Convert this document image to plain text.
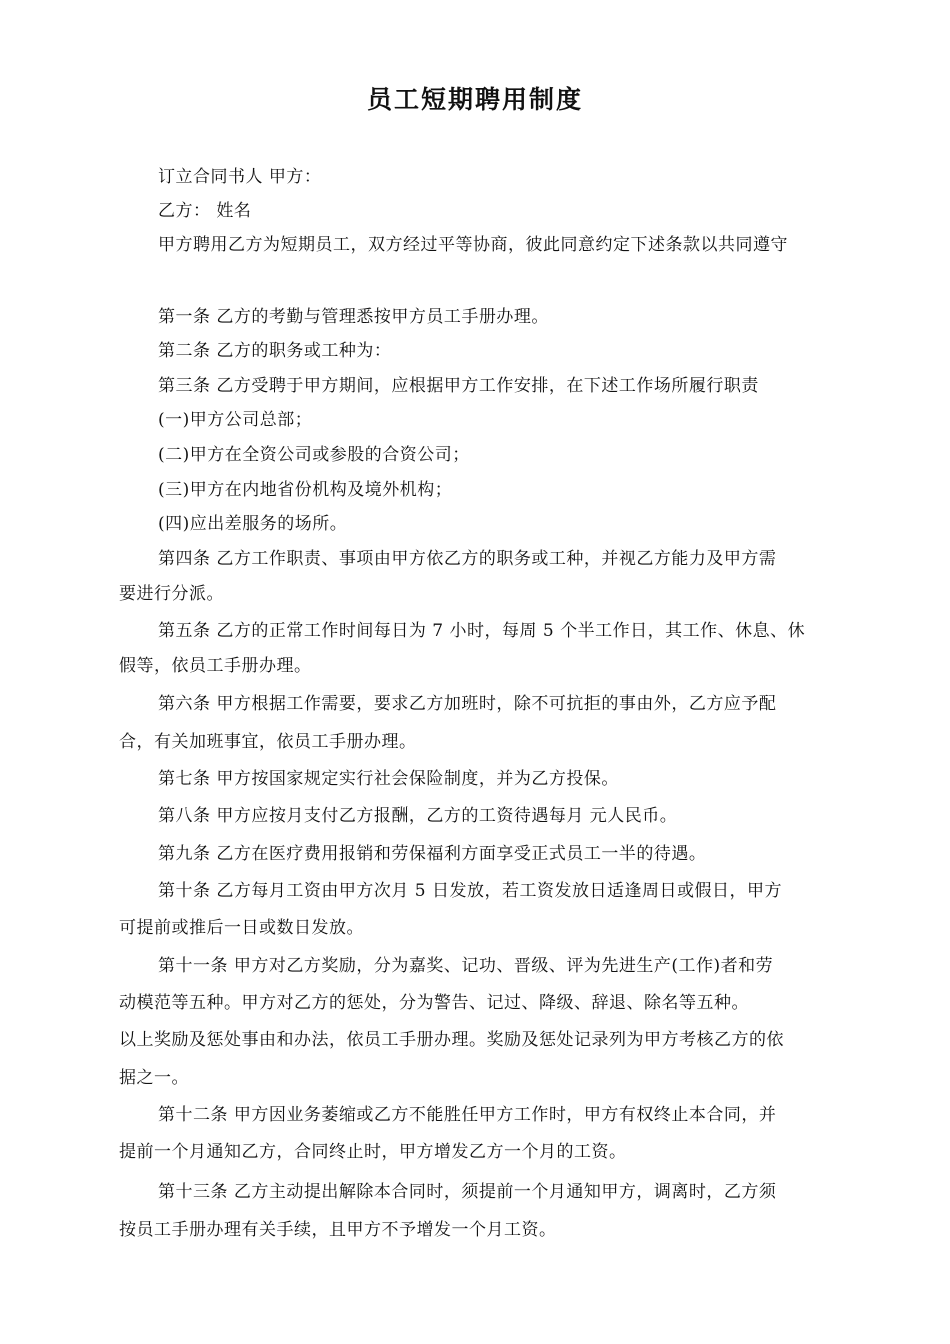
员工短期聘用制度
订立合同书人 甲方：
乙方： 姓名
甲方聘用乙方为短期员工，双方经过平等协商，彼此同意约定下述条款以共同遵守
第一条 乙方的考勤与管理悉按甲方员工手册办理。
第二条 乙方的职务或工种为：
第三条 乙方受聘于甲方期间，应根据甲方工作安排，在下述工作场所履行职责
(一)甲方公司总部；
(二)甲方在全资公司或参股的合资公司；
(三)甲方在内地省份机构及境外机构；
(四)应出差服务的场所。
第四条 乙方工作职责、事项由甲方依乙方的职务或工种，并视乙方能力及甲方需
要进行分派。
第五条 乙方的正常工作时间每日为 7 小时，每周 5 个半工作日，其工作、休息、休
假等，依员工手册办理。
第六条 甲方根据工作需要，要求乙方加班时，除不可抗拒的事由外，乙方应予配
合，有关加班事宜，依员工手册办理。
第七条 甲方按国家规定实行社会保险制度，并为乙方投保。
第八条 甲方应按月支付乙方报酬，乙方的工资待遇每月 元人民币。
第九条 乙方在医疗费用报销和劳保福利方面享受正式员工一半的待遇。
第十条 乙方每月工资由甲方次月 5 日发放，若工资发放日适逢周日或假日，甲方
可提前或推后一日或数日发放。
第十一条 甲方对乙方奖励，分为嘉奖、记功、晋级、评为先进生产(工作)者和劳
动模范等五种。甲方对乙方的惩处，分为警告、记过、降级、辞退、除名等五种。
以上奖励及惩处事由和办法，依员工手册办理。奖励及惩处记录列为甲方考核乙方的依
据之一。
第十二条 甲方因业务萎缩或乙方不能胜任甲方工作时，甲方有权终止本合同，并
提前一个月通知乙方，合同终止时，甲方增发乙方一个月的工资。
第十三条 乙方主动提出解除本合同时，须提前一个月通知甲方，调离时，乙方须
按员工手册办理有关手续，且甲方不予增发一个月工资。
